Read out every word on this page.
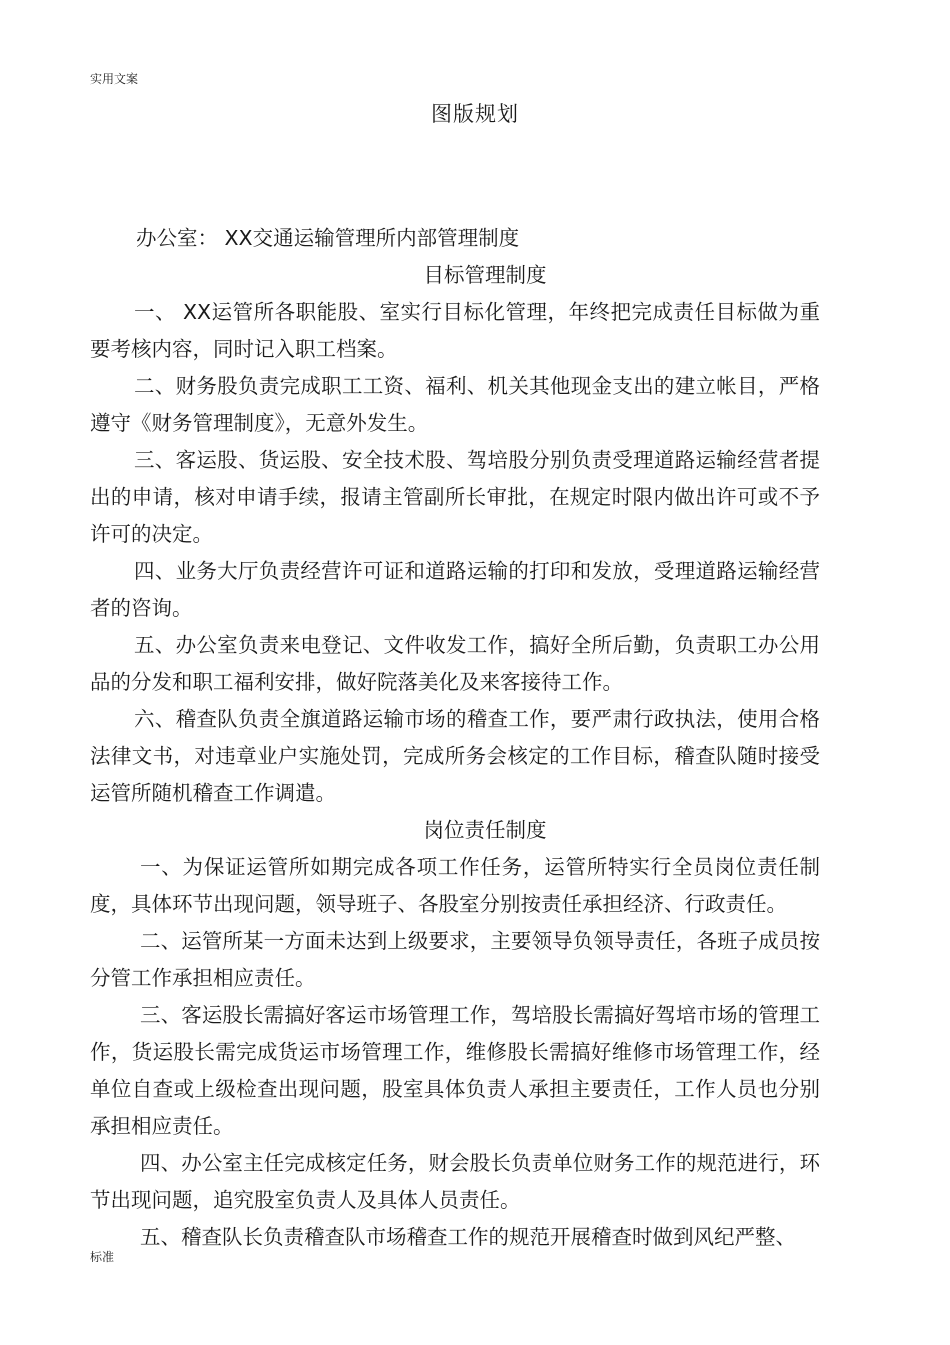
实用文案
图版规划

办公室： XX交通运输管理所内部管理制度

目标管理制度

一、 XX运管所各职能股、室实行目标化管理，年终把完成责任目标做为重要考核内容，同时记入职工档案。

二、财务股负责完成职工工资、福利、机关其他现金支出的建立帐目，严格遵守《财务管理制度》，无意外发生。

三、客运股、货运股、安全技术股、驾培股分别负责受理道路运输经营者提出的申请，核对申请手续，报请主管副所长审批，在规定时限内做出许可或不予许可的决定。

四、业务大厅负责经营许可证和道路运输的打印和发放，受理道路运输经营者的咨询。

五、办公室负责来电登记、文件收发工作，搞好全所后勤，负责职工办公用品的分发和职工福利安排，做好院落美化及来客接待工作。

六、稽查队负责全旗道路运输市场的稽查工作，要严肃行政执法，使用合格法律文书，对违章业户实施处罚，完成所务会核定的工作目标，稽查队随时接受运管所随机稽查工作调遣。

岗位责任制度

一、为保证运管所如期完成各项工作任务，运管所特实行全员岗位责任制度，具体环节出现问题，领导班子、各股室分别按责任承担经济、行政责任。

二、运管所某一方面未达到上级要求，主要领导负领导责任，各班子成员按分管工作承担相应责任。

三、客运股长需搞好客运市场管理工作，驾培股长需搞好驾培市场的管理工作，货运股长需完成货运市场管理工作，维修股长需搞好维修市场管理工作，经单位自查或上级检查出现问题，股室具体负责人承担主要责任，工作人员也分别承担相应责任。

四、办公室主任完成核定任务，财会股长负责单位财务工作的规范进行，环节出现问题，追究股室负责人及具体人员责任。

五、稽查队长负责稽查队市场稽查工作的规范开展稽查时做到风纪严整、

标准
